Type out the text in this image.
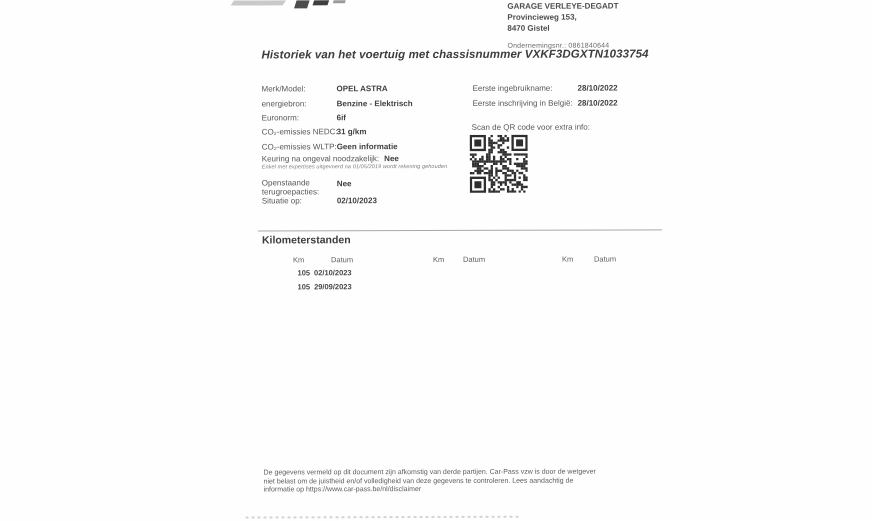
GARAGE VERLEYE-DEGADT
Provincieweg 153,
8470 Gistel
Ondernemingsnr.: 0861840644
Historiek van het voertuig met chassisnummer VXKF3DGXTN1033754
Merk/Model:	OPEL ASTRA
energiebron:	Benzine - Elektrisch
Euronorm:	6if
CO₂-emissies NEDC:31 g/km
CO₂-emissies WLTP:Geen informatie
Eerste ingebruikname:	28/10/2022
Eerste inschrijving in België: 28/10/2022
Scan de QR code voor extra info:
Keuring na ongeval noodzakelijk: Nee
Enkel met expertises uitgevoerd na 01/05/2019 wordt rekening gehouden
Openstaande
terugroepacties:
Nee
Situatie op:	02/10/2023
Kilometerstanden
Km	Datum	Km Datum	Km	Datum
105 02/10/2023
105 29/09/2023
De gegevens vermeld op dit document zijn afkomstig van derde partijen. Car-Pass vzw is door de wetgever niet belast om de juistheid en/of volledigheid van deze gegevens te controleren. Lees aandachtig de informatie op https://www.car-pass.be/nl/disclaimer
